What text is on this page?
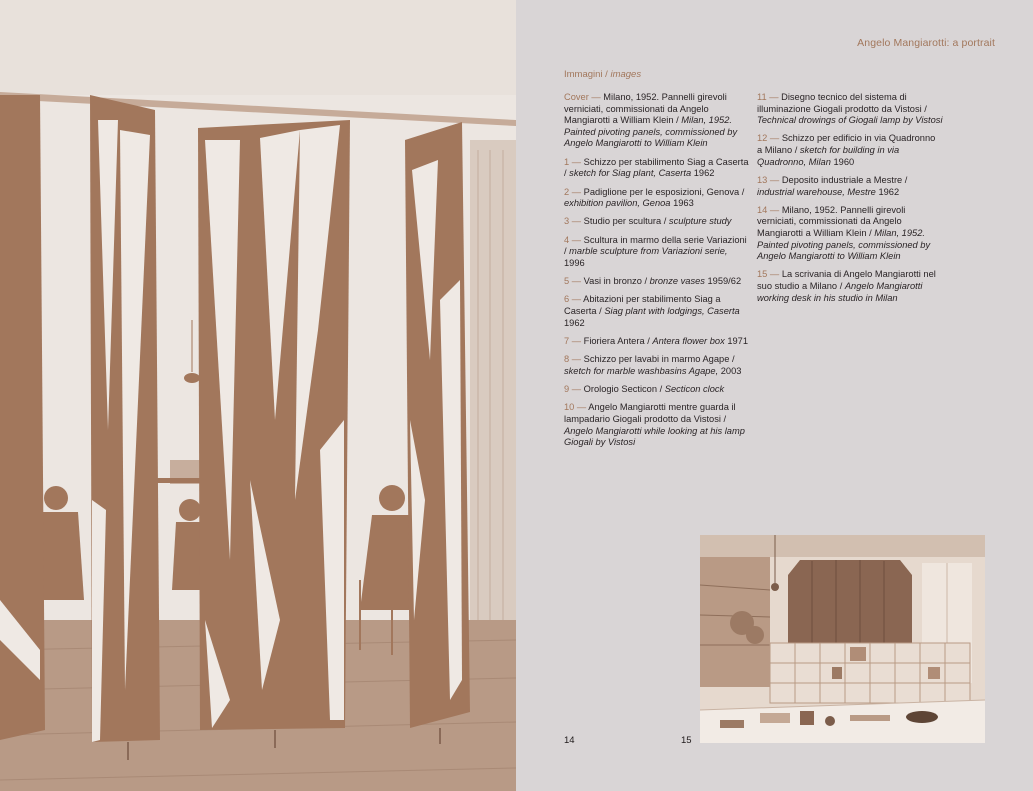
Angelo Mangiarotti: a portrait
Immagini / images

Cover — Milano, 1952. Pannelli girevoli verniciati, commissionati da Angelo Mangiarotti a William Klein / Milan, 1952. Painted pivoting panels, commissioned by Angelo Mangiarotti to William Klein

1 — Schizzo per stabilimento Siag a Caserta / sketch for Siag plant, Caserta 1962

2 — Padiglione per le esposizioni, Genova / exhibition pavilion, Genoa 1963

3 — Studio per scultura / sculpture study

4 — Scultura in marmo della serie Variazioni / marble sculpture from Variazioni serie, 1996

5 — Vasi in bronzo / bronze vases 1959/62

6 — Abitazioni per stabilimento Siag a Caserta / Siag plant with lodgings, Caserta 1962

7 — Fioriera Antera / Antera flower box 1971

8 — Schizzo per lavabi in marmo Agape / sketch for marble washbasins Agape, 2003

9 — Orologio Secticon / Secticon clock

10 — Angelo Mangiarotti mentre guarda il lampadario Giogali prodotto da Vistosi / Angelo Mangiarotti while looking at his lamp Giogali by Vistosi

11 — Disegno tecnico del sistema di illuminazione Giogali prodotto da Vistosi / Technical drowings of Giogali lamp by Vistosi

12 — Schizzo per edificio in via Quadronno a Milano / sketch for building in via Quadronno, Milan 1960

13 — Deposito industriale a Mestre / industrial warehouse, Mestre 1962

14 — Milano, 1952. Pannelli girevoli verniciati, commissionati da Angelo Mangiarotti a William Klein / Milan, 1952. Painted pivoting panels, commissioned by Angelo Mangiarotti to William Klein

15 — La scrivania di Angelo Mangiarotti nel suo studio a Milano / Angelo Mangiarotti working desk in his studio in Milan

14	15
